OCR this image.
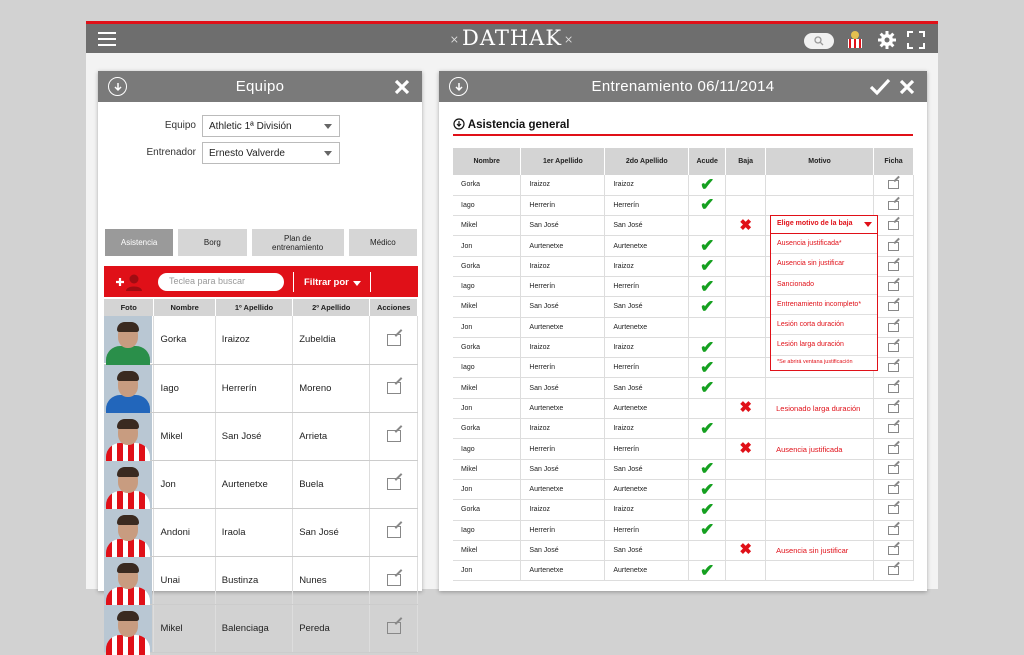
×DATHAK ×
Equipo
Equipo	Athletic 1ª División
Entrenador	Ernesto Valverde
Asistencia	Borg	Plan de entrenamiento	Médico
Teclea para buscar	Filtrar por
Foto	Nombre	1º Apellido	2º Apellido	Acciones

	Gorka	Iraizoz	Zubeldia	

	Iago	Herrerín	Moreno	

	Mikel	San José	Arrieta	

	Jon	Aurtenetxe	Buela	

	Andoni	Iraola	San José	

	Unai	Bustinza	Nunes	

	Mikel	Balenciaga	Pereda	
Entrenamiento 06/11/2014
Asistencia general
Nombre	1er Apellido	2do Apellido	Acude	Baja	Motivo	Ficha
Gorka	Iraizoz	Iraizoz	✔			

Iago	Herrerín	Herrerín	✔			

Mikel	San José	San José		✖		

Jon	Aurtenetxe	Aurtenetxe	✔			

Gorka	Iraizoz	Iraizoz	✔			

Iago	Herrerín	Herrerín	✔			

Mikel	San José	San José	✔			

Jon	Aurtenetxe	Aurtenetxe				

Gorka	Iraizoz	Iraizoz	✔			

Iago	Herrerín	Herrerín	✔			

Mikel	San José	San José	✔			

Jon	Aurtenetxe	Aurtenetxe		✖	Lesionado larga duración	

Gorka	Iraizoz	Iraizoz	✔			

Iago	Herrerín	Herrerín		✖	Ausencia justificada	

Mikel	San José	San José	✔			

Jon	Aurtenetxe	Aurtenetxe	✔			

Gorka	Iraizoz	Iraizoz	✔			

Iago	Herrerín	Herrerín	✔			

Mikel	San José	San José		✖	Ausencia sin justificar	

Jon	Aurtenetxe	Aurtenetxe	✔			
Elige motivo de la baja
Ausencia justificada*
Ausencia sin justificar
Sancionado
Entrenamiento incompleto*
Lesión corta duración
Lesión larga duración
*Se abrirá ventana justificación
